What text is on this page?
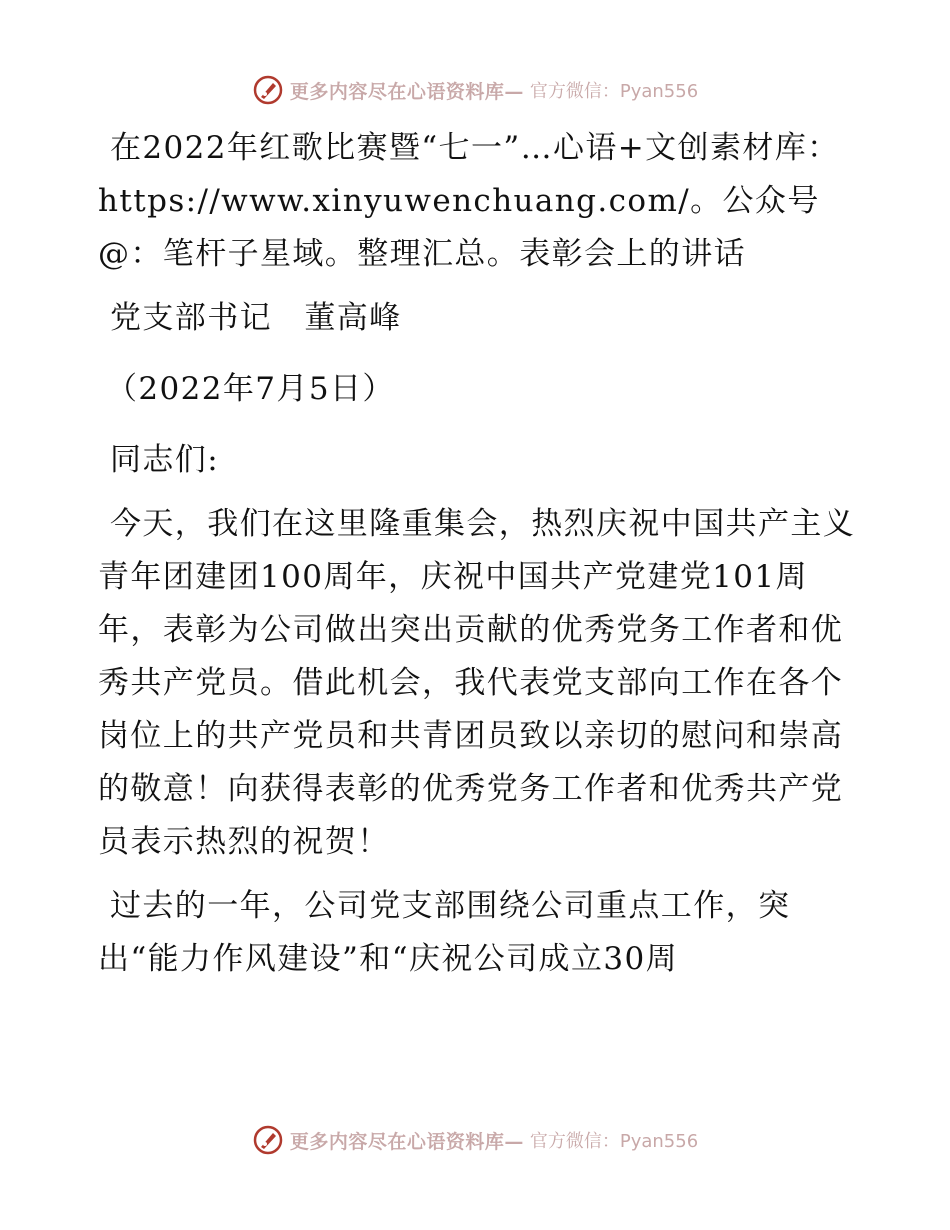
更多内容尽在心语资料库— 官方微信：Pyan556

在2022年红歌比赛暨“七一”…心语+文创素材库：https://www.xinyuwenchuang.com/。公众号@：笔杆子星域。整理汇总。表彰会上的讲话

党支部书记　董高峰

（2022年7月5日）

同志们:

今天，我们在这里隆重集会，热烈庆祝中国共产主义青年团建团100周年，庆祝中国共产党建党101周年，表彰为公司做出突出贡献的优秀党务工作者和优秀共产党员。借此机会，我代表党支部向工作在各个岗位上的共产党员和共青团员致以亲切的慰问和崇高的敬意！向获得表彰的优秀党务工作者和优秀共产党员表示热烈的祝贺！

过去的一年，公司党支部围绕公司重点工作，突出“能力作风建设”和“庆祝公司成立30周

更多内容尽在心语资料库— 官方微信：Pyan556
